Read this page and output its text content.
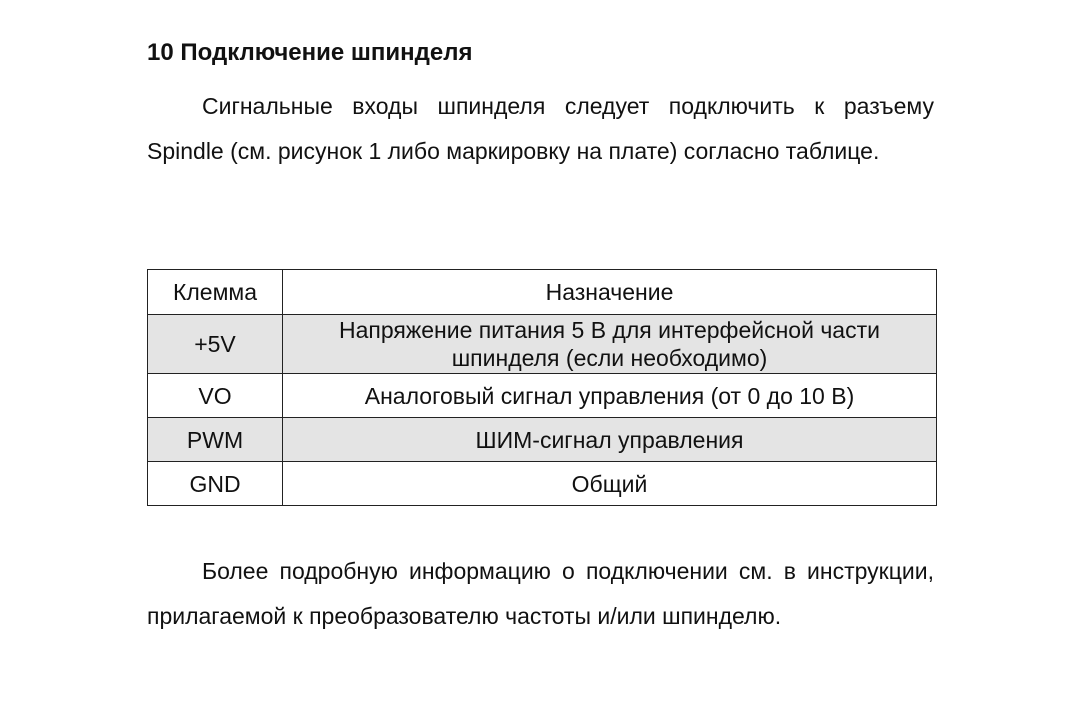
10 Подключение шпинделя

Сигнальные входы шпинделя следует подключить к разъему Spindle (см. рисунок 1 либо маркировку на плате) согласно таблице.

Клемма	Назначение
+5V	Напряжение питания 5 В для интерфейсной части шпинделя (если необходимо)
VO	Аналоговый сигнал управления (от 0 до 10 В)
PWM	ШИМ-сигнал управления
GND	Общий

Более подробную информацию о подключении см. в инструкции, прилагаемой к преобразователю частоты и/или шпинделю.
